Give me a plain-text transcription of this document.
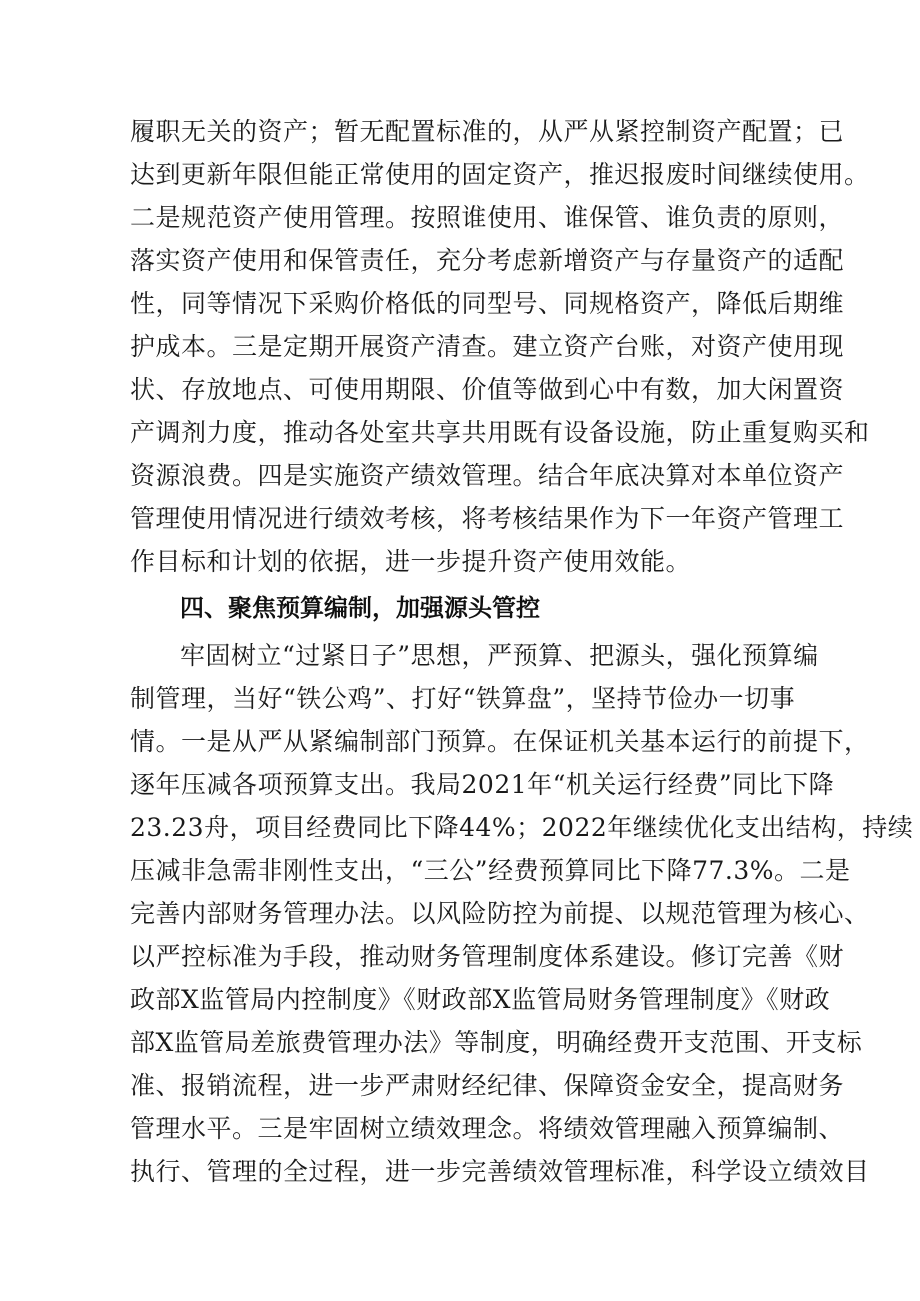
履职无关的资产；暂无配置标准的，从严从紧控制资产配置；已
达到更新年限但能正常使用的固定资产，推迟报废时间继续使用。
二是规范资产使用管理。按照谁使用、谁保管、谁负责的原则，
落实资产使用和保管责任，充分考虑新增资产与存量资产的适配
性，同等情况下采购价格低的同型号、同规格资产，降低后期维
护成本。三是定期开展资产清查。建立资产台账，对资产使用现
状、存放地点、可使用期限、价值等做到心中有数，加大闲置资
产调剂力度，推动各处室共享共用既有设备设施，防止重复购买和
资源浪费。四是实施资产绩效管理。结合年底决算对本单位资产
管理使用情况进行绩效考核，将考核结果作为下一年资产管理工
作目标和计划的依据，进一步提升资产使用效能。
四、聚焦预算编制，加强源头管控
牢固树立“过紧日子”思想，严预算、把源头，强化预算编
制管理，当好“铁公鸡”、打好“铁算盘”，坚持节俭办一切事
情。一是从严从紧编制部门预算。在保证机关基本运行的前提下，
逐年压减各项预算支出。我局2021年“机关运行经费”同比下降
23.23舟，项目经费同比下降44%；2022年继续优化支出结构，持续
压减非急需非刚性支出，“三公”经费预算同比下降77.3%。二是
完善内部财务管理办法。以风险防控为前提、以规范管理为核心、
以严控标准为手段，推动财务管理制度体系建设。修订完善《财
政部X监管局内控制度》《财政部X监管局财务管理制度》《财政
部X监管局差旅费管理办法》等制度，明确经费开支范围、开支标
准、报销流程，进一步严肃财经纪律、保障资金安全，提高财务
管理水平。三是牢固树立绩效理念。将绩效管理融入预算编制、
执行、管理的全过程，进一步完善绩效管理标准，科学设立绩效目
